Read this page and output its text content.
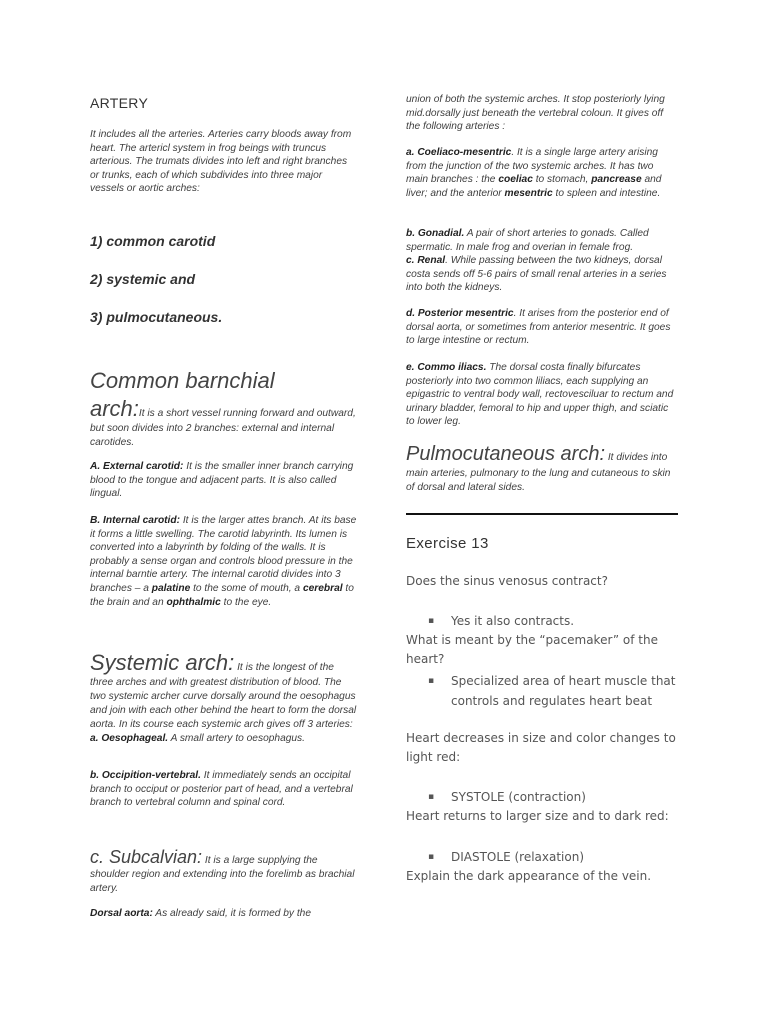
ARTERY

It includes all the arteries. Arteries carry bloods away from heart. The artericl system in frog beings with truncus arterious. The trumats divides into left and right branches or trunks, each of which subdivides into three major vessels or aortic arches:

1) common carotid
2) systemic and
3) pulmocutaneous.
Common barnchial

arch:It is a short vessel running forward and outward, but soon divides into 2 branches: external and internal carotides.

A. External carotid: It is the smaller inner branch carrying blood to the tongue and adjacent parts. It is also called lingual.

B. Internal carotid: It is the larger attes branch. At its base it forms a little swelling. The carotid labyrinth. Its lumen is converted into a labyrinth by folding of the walls. It is probably a sense organ and controls blood pressure in the internal barntie artery. The internal carotid divides into 3 branches – a palatine to the some of mouth, a cerebral to the brain and an ophthalmic to the eye.

Systemic arch: It is the longest of the three arches and with greatest distribution of blood. The two systemic archer curve dorsally around the oesophagus and join with each other behind the heart to form the dorsal aorta. In its course each systemic arch gives off 3 arteries:
a. Oesophageal. A small artery to oesophagus.

b. Occipition-vertebral. It immediately sends an occipital branch to occiput or posterior part of head, and a vertebral branch to vertebral column and spinal cord.

c. Subcalvian: It is a large supplying the shoulder region and extending into the forelimb as brachial artery.

Dorsal aorta: As already said, it is formed by the

union of both the systemic arches. It stop posteriorly lying mid.dorsally just beneath the vertebral coloun. It gives off the following arteries :

a. Coeliaco-mesentric. It is a single large artery arising from the junction of the two systemic arches. It has two main branches : the coeliac to stomach, pancrease and liver; and the anterior mesentric to spleen and intestine.

b. Gonadial. A pair of short arteries to gonads. Called spermatic. In male frog and overian in female frog.
c. Renal. While passing between the two kidneys, dorsal costa sends off 5-6 pairs of small renal arteries in a series into both the kidneys.

d. Posterior mesentric. It arises from the posterior end of dorsal aorta, or sometimes from anterior mesentric. It goes to large intestine or rectum.

e. Commo iliacs. The dorsal costa finally bifurcates posteriorly into two common liliacs, each supplying an epigastric to ventral body wall, rectovesciluar to rectum and urinary bladder, femoral to hip and upper thigh, and sciatic to lower leg.

Pulmocutaneous arch: It divides into main arteries, pulmonary to the lung and cutaneous to skin of dorsal and lateral sides.

Exercise 13
Does the sinus venosus contract?
▪ Yes it also contracts.
What is meant by the “pacemaker” of the heart?
▪ Specialized area of heart muscle that controls and regulates heart beat
Heart decreases in size and color changes to light red:
▪ SYSTOLE (contraction)
Heart returns to larger size and to dark red:
▪ DIASTOLE (relaxation)
Explain the dark appearance of the vein.
